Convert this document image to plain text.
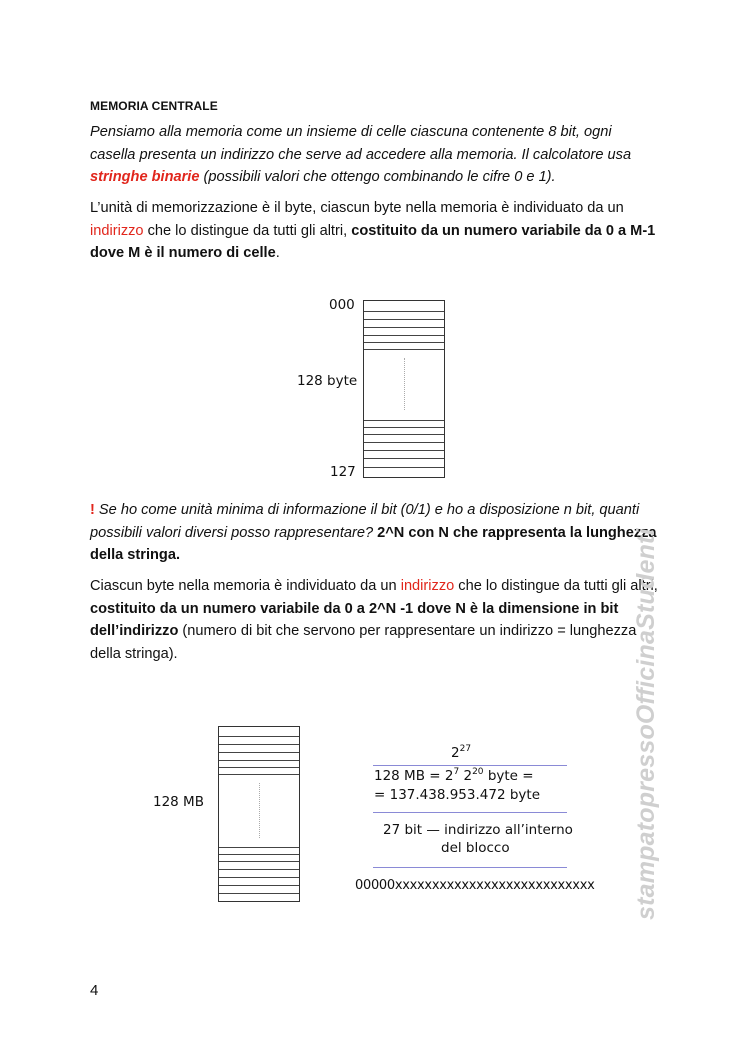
MEMORIA CENTRALE
Pensiamo alla memoria come un insieme di celle ciascuna contenente 8 bit, ogni casella presenta un indirizzo che serve ad accedere alla memoria. Il calcolatore usa stringhe binarie (possibili valori che ottengo combinando le cifre 0 e 1).
L’unità di memorizzazione è il byte, ciascun byte nella memoria è individuato da un indirizzo che lo distingue da tutti gli altri, costituito da un numero variabile da 0 a M-1 dove M è il numero di celle.
000
128 byte
127
! Se ho come unità minima di informazione il bit (0/1) e ho a disposizione n bit, quanti possibili valori diversi posso rappresentare? 2^N con N che rappresenta la lunghezza della stringa.
Ciascun byte nella memoria è individuato da un indirizzo che lo distingue da tutti gli altri, costituito da un numero variabile da 0 a 2^N -1 dove N è la dimensione in bit dell’indirizzo (numero di bit che servono per rappresentare un indirizzo = lunghezza della stringa).
128 MB
$2^{27}$
128 MB = $2^7$ $2^{20}$ byte =
= 137.438.953.472 byte
27 bit — indirizzo all’interno
del blocco
00000xxxxxxxxxxxxxxxxxxxxxxxxxxx
4
stampatopressoOfficinaStudenti
